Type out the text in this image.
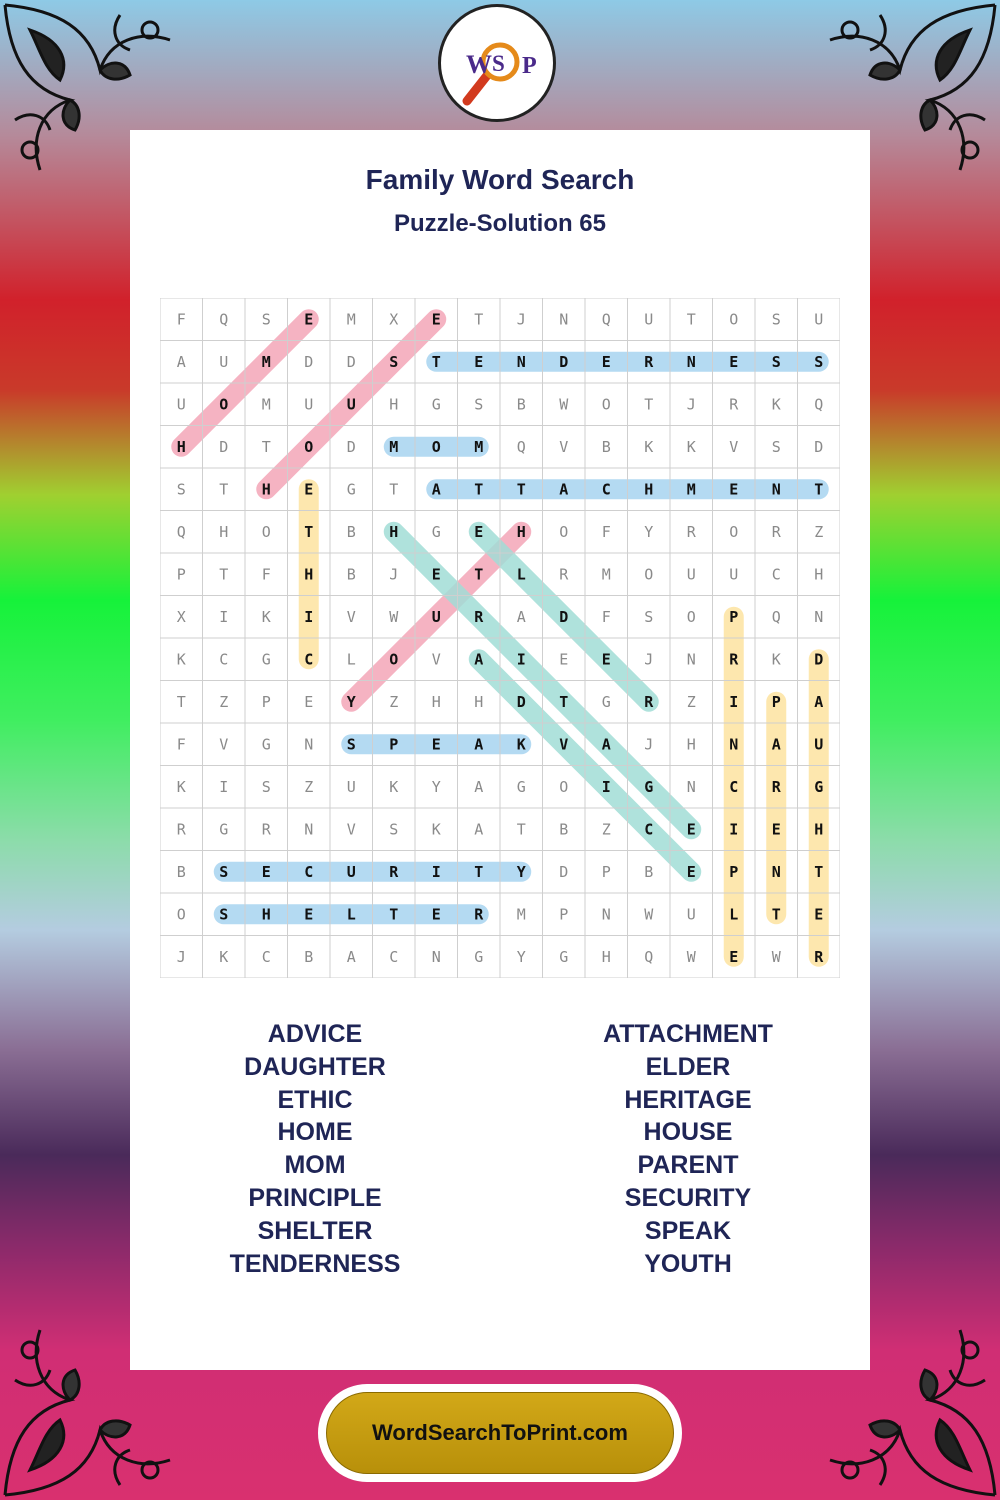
W S P
Family Word Search
Puzzle-Solution 65
F Q S E M X E T J N Q U T O S U
A U M D D S T E N D E R N E S S
U O M U U H G S B W O T J R K Q
H D T O D M O M Q V B K K V S D
S T H E G T A T T A C H M E N T
Q H O T B H G E H O F Y R O R Z
P T F H B J E T L R M O U U C H
X I K I V W U R A D F S O P Q N
K C G C L O V A I E E J N R K D
T Z P E Y Z H H D T G R Z I P A
F V G N S P E A K V A J H N A U
K I S Z U K Y A G O I G N C R G
R G R N V S K A T B Z C E I E H
B S E C U R I T Y D P B E P N T
O S H E L T E R M P N W U L T E
J K C B A C N G Y G H Q W E W R
ADVICE
DAUGHTER
ETHIC
HOME
MOM
PRINCIPLE
SHELTER
TENDERNESS
ATTACHMENT
ELDER
HERITAGE
HOUSE
PARENT
SECURITY
SPEAK
YOUTH
WordSearchToPrint.com
